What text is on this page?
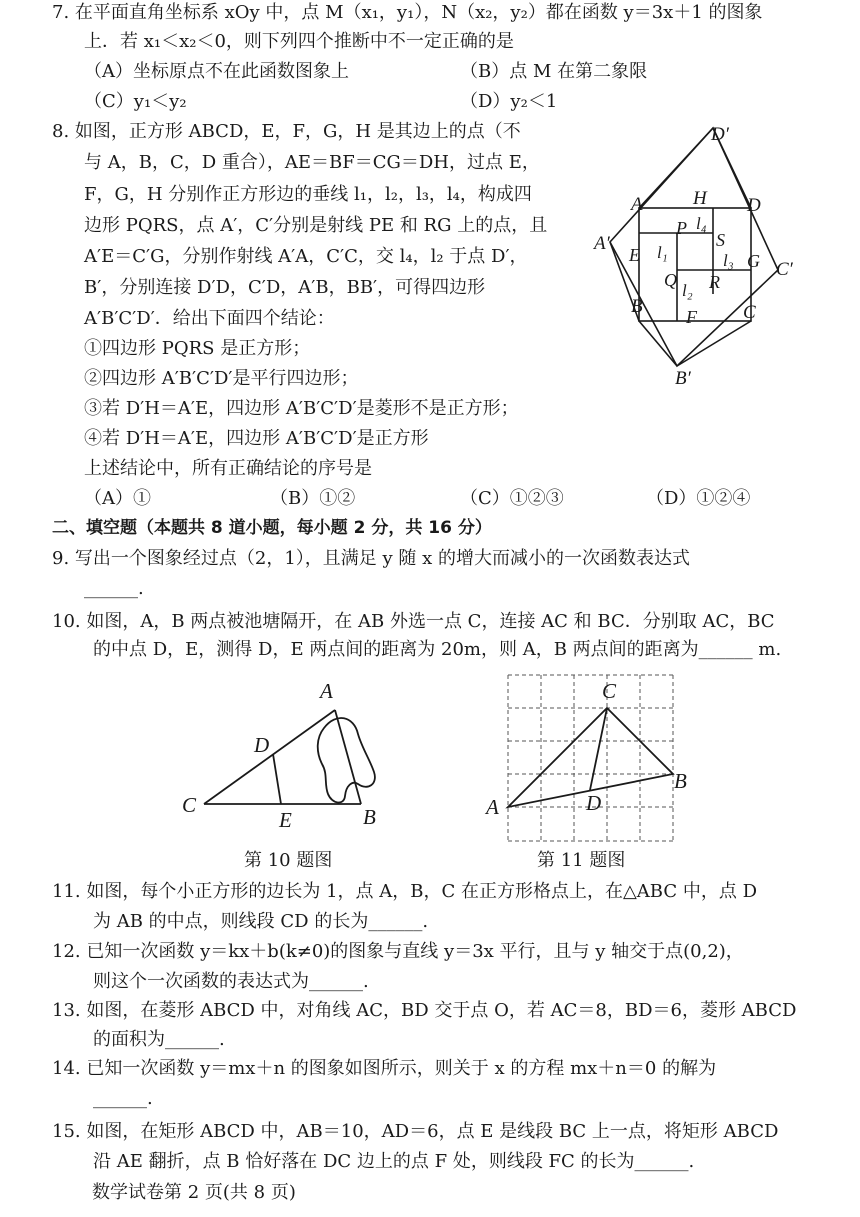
7. 在平面直角坐标系 xOy 中，点 M（x₁，y₁），N（x₂，y₂）都在函数 y＝3x＋1 的图象
上．若 x₁＜x₂＜0，则下列四个推断中不一定正确的是
（A）坐标原点不在此函数图象上	（B）点 M 在第二象限
（C）y₁＜y₂	（D）y₂＜1
8. 如图，正方形 ABCD，E，F，G，H 是其边上的点（不
与 A，B，C，D 重合），AE＝BF＝CG＝DH，过点 E，
F，G，H 分别作正方形边的垂线 l₁，l₂，l₃，l₄，构成四
边形 PQRS，点 A′，C′分别是射线 PE 和 RG 上的点，且
A′E＝C′G，分别作射线 A′A，C′C，交 l₄，l₂ 于点 D′，
B′，分别连接 D′D，C′D，A′B，BB′，可得四边形
A′B′C′D′．给出下面四个结论：
①四边形 PQRS 是正方形；
②四边形 A′B′C′D′是平行四边形；
③若 D′H＝A′E，四边形 A′B′C′D′是菱形不是正方形；
④若 D′H＝A′E，四边形 A′B′C′D′是正方形
上述结论中，所有正确结论的序号是
（A）①	（B）①②	（C）①②③	（D）①②④
D′
A	H D
P l₄
S
A′
E l₁	l₃ G C′
Q R
l₂
B	C
F
B′
二、填空题（本题共 8 道小题，每小题 2 分，共 16 分）
9. 写出一个图象经过点（2，1），且满足 y 随 x 的增大而减小的一次函数表达式
______.
10. 如图，A，B 两点被池塘隔开，在 AB 外选一点 C，连接 AC 和 BC．分别取 AC，BC
的中点 D，E，测得 D，E 两点间的距离为 20m，则 A，B 两点间的距离为______ m.
A
D
C
E	B
第 10 题图
C
B
A	D
第 11 题图
11. 如图，每个小正方形的边长为 1，点 A，B，C 在正方形格点上，在△ABC 中，点 D
为 AB 的中点，则线段 CD 的长为______.
12. 已知一次函数 y＝kx＋b(k≠0)的图象与直线 y＝3x 平行，且与 y 轴交于点(0,2)，
则这个一次函数的表达式为______.
13. 如图，在菱形 ABCD 中，对角线 AC，BD 交于点 O，若 AC＝8，BD＝6，菱形 ABCD
的面积为______.
14. 已知一次函数 y＝mx＋n 的图象如图所示，则关于 x 的方程 mx＋n＝0 的解为
______.
15. 如图，在矩形 ABCD 中，AB＝10，AD＝6，点 E 是线段 BC 上一点，将矩形 ABCD
沿 AE 翻折，点 B 恰好落在 DC 边上的点 F 处，则线段 FC 的长为______.
数学试卷第 2 页(共 8 页)
